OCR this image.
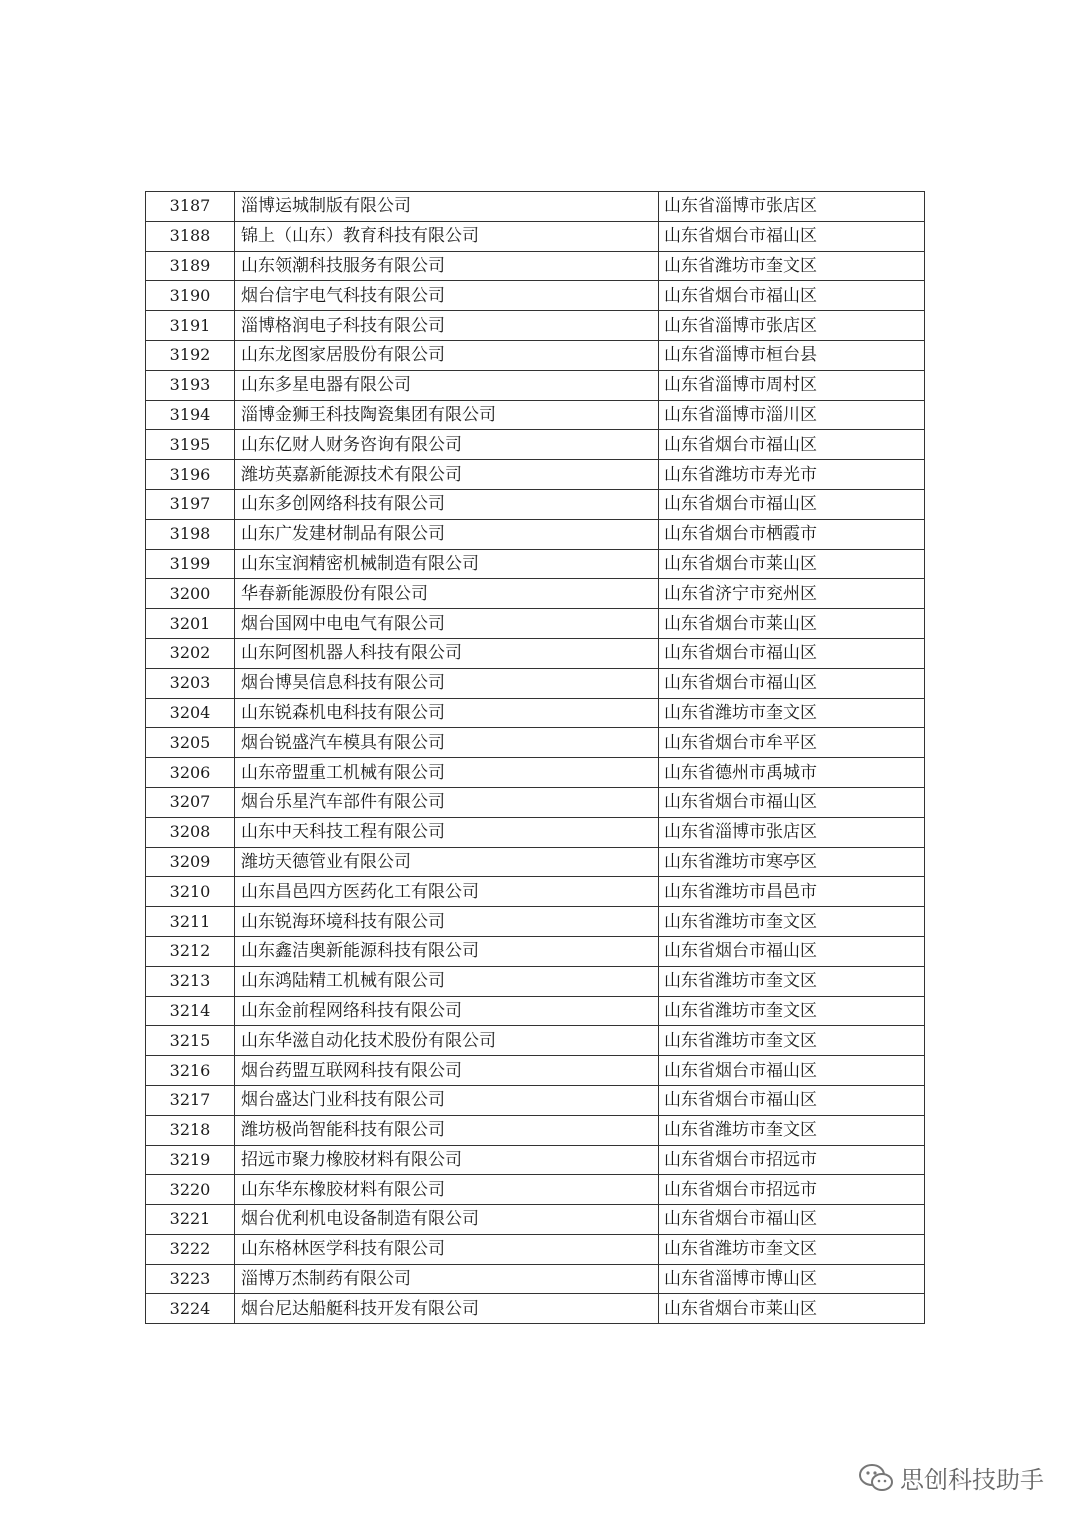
3187	淄博运城制版有限公司	山东省淄博市张店区
3188	锦上（山东）教育科技有限公司	山东省烟台市福山区
3189	山东领潮科技服务有限公司	山东省潍坊市奎文区
3190	烟台信宇电气科技有限公司	山东省烟台市福山区
3191	淄博格润电子科技有限公司	山东省淄博市张店区
3192	山东龙图家居股份有限公司	山东省淄博市桓台县
3193	山东多星电器有限公司	山东省淄博市周村区
3194	淄博金狮王科技陶瓷集团有限公司	山东省淄博市淄川区
3195	山东亿财人财务咨询有限公司	山东省烟台市福山区
3196	潍坊英嘉新能源技术有限公司	山东省潍坊市寿光市
3197	山东多创网络科技有限公司	山东省烟台市福山区
3198	山东广发建材制品有限公司	山东省烟台市栖霞市
3199	山东宝润精密机械制造有限公司	山东省烟台市莱山区
3200	华春新能源股份有限公司	山东省济宁市兖州区
3201	烟台国网中电电气有限公司	山东省烟台市莱山区
3202	山东阿图机器人科技有限公司	山东省烟台市福山区
3203	烟台博昊信息科技有限公司	山东省烟台市福山区
3204	山东锐森机电科技有限公司	山东省潍坊市奎文区
3205	烟台锐盛汽车模具有限公司	山东省烟台市牟平区
3206	山东帝盟重工机械有限公司	山东省德州市禹城市
3207	烟台乐星汽车部件有限公司	山东省烟台市福山区
3208	山东中天科技工程有限公司	山东省淄博市张店区
3209	潍坊天德管业有限公司	山东省潍坊市寒亭区
3210	山东昌邑四方医药化工有限公司	山东省潍坊市昌邑市
3211	山东锐海环境科技有限公司	山东省潍坊市奎文区
3212	山东鑫洁奥新能源科技有限公司	山东省烟台市福山区
3213	山东鸿陆精工机械有限公司	山东省潍坊市奎文区
3214	山东金前程网络科技有限公司	山东省潍坊市奎文区
3215	山东华滋自动化技术股份有限公司	山东省潍坊市奎文区
3216	烟台药盟互联网科技有限公司	山东省烟台市福山区
3217	烟台盛达门业科技有限公司	山东省烟台市福山区
3218	潍坊极尚智能科技有限公司	山东省潍坊市奎文区
3219	招远市聚力橡胶材料有限公司	山东省烟台市招远市
3220	山东华东橡胶材料有限公司	山东省烟台市招远市
3221	烟台优利机电设备制造有限公司	山东省烟台市福山区
3222	山东格林医学科技有限公司	山东省潍坊市奎文区
3223	淄博万杰制药有限公司	山东省淄博市博山区
3224	烟台尼达船艇科技开发有限公司	山东省烟台市莱山区
思创科技助手
